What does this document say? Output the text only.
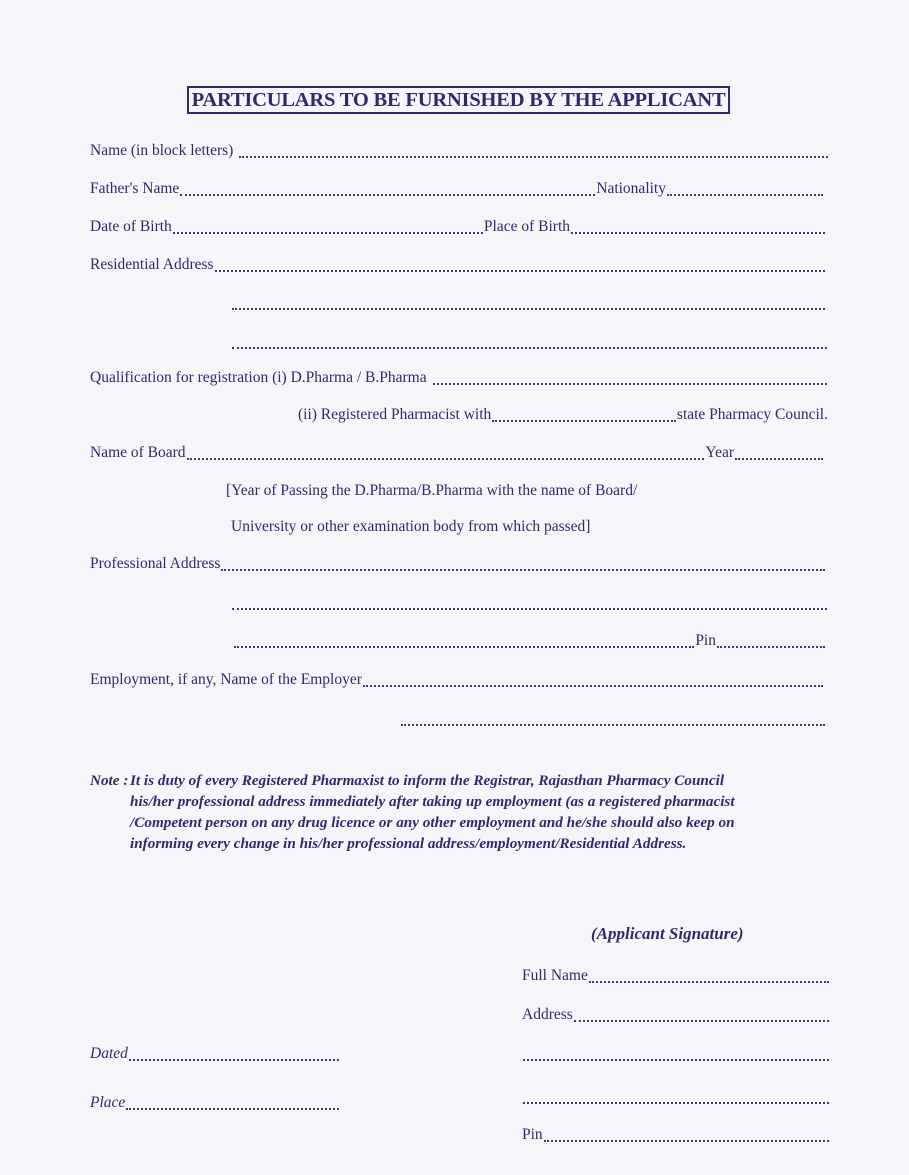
PARTICULARS TO BE FURNISHED BY THE APPLICANT
Name (in block letters)
Father's Name	Nationality
Date of Birth	Place of Birth
Residential Address
Qualification for registration (i) D.Pharma / B.Pharma
(ii) Registered Pharmacist with	state Pharmacy Council.
Name of Board	Year
[Year of Passing the D.Pharma/B.Pharma with the name of Board/
University or other examination body from which passed]
Professional Address
Pin
Employment, if any, Name of the Employer
Note : It is duty of every Registered Pharmaxist to inform the Registrar, Rajasthan Pharmacy Council
his/her professional address immediately after taking up employment (as a registered pharmacist
/Competent person on any drug licence or any other employment and he/she should also keep on
informing every change in his/her professional address/employment/Residential Address.
(Applicant Signature)
Full Name
Address
Pin
Dated
Place
